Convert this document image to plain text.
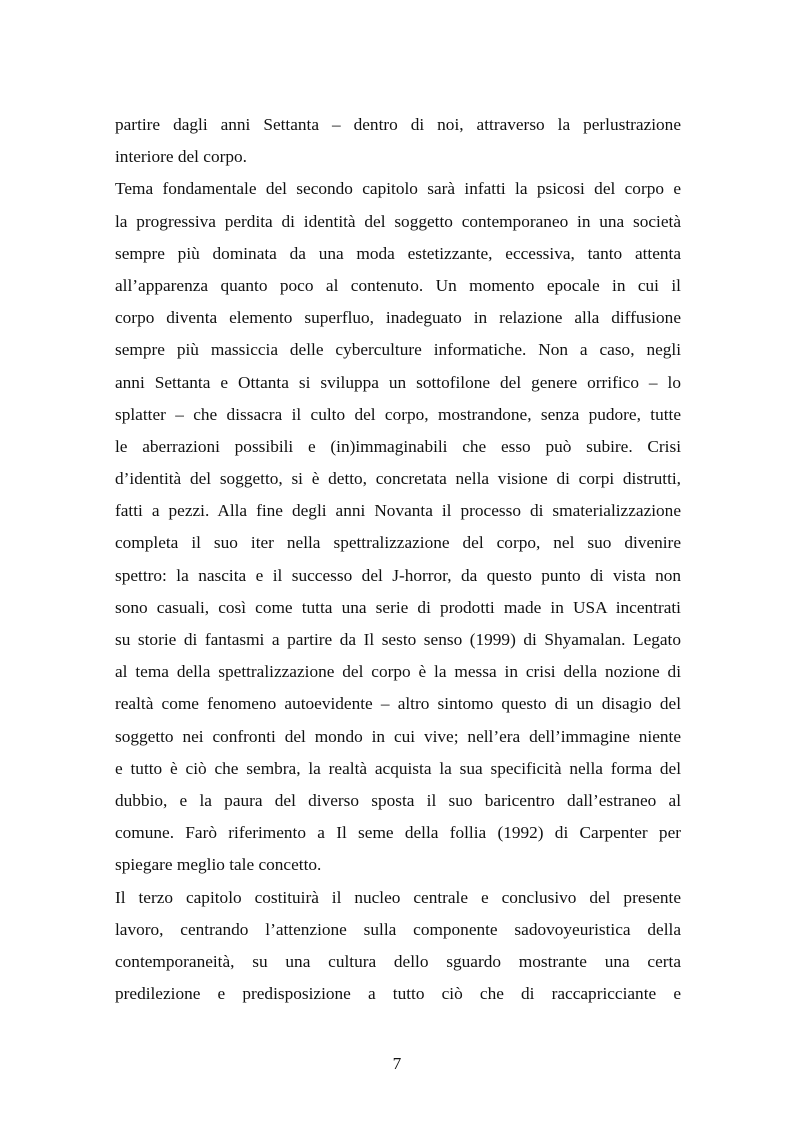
partire dagli anni Settanta – dentro di noi, attraverso la perlustrazione
interiore del corpo.
Tema fondamentale del secondo capitolo sarà infatti la psicosi del corpo e
la progressiva perdita di identità del soggetto contemporaneo in una società
sempre più dominata da una moda estetizzante, eccessiva, tanto attenta
all’apparenza quanto poco al contenuto. Un momento epocale in cui il
corpo diventa elemento superfluo, inadeguato in relazione alla diffusione
sempre più massiccia delle cyberculture informatiche. Non a caso, negli
anni Settanta e Ottanta si sviluppa un sottofilone del genere orrifico – lo
splatter – che dissacra il culto del corpo, mostrandone, senza pudore, tutte
le aberrazioni possibili e (in)immaginabili che esso può subire. Crisi
d’identità del soggetto, si è detto, concretata nella visione di corpi distrutti,
fatti a pezzi. Alla fine degli anni Novanta il processo di smaterializzazione
completa il suo iter nella spettralizzazione del corpo, nel suo divenire
spettro: la nascita e il successo del J-horror, da questo punto di vista non
sono casuali, così come tutta una serie di prodotti made in USA incentrati
su storie di fantasmi a partire da Il sesto senso (1999) di Shyamalan. Legato
al tema della spettralizzazione del corpo è la messa in crisi della nozione di
realtà come fenomeno autoevidente – altro sintomo questo di un disagio del
soggetto nei confronti del mondo in cui vive; nell’era dell’immagine niente
e tutto è ciò che sembra, la realtà acquista la sua specificità nella forma del
dubbio, e la paura del diverso sposta il suo baricentro dall’estraneo al
comune. Farò riferimento a Il seme della follia (1992) di Carpenter per
spiegare meglio tale concetto.
Il terzo capitolo costituirà il nucleo centrale e conclusivo del presente
lavoro, centrando l’attenzione sulla componente sadovoyeuristica della
contemporaneità, su una cultura dello sguardo mostrante una certa
predilezione e predisposizione a tutto ciò che di raccapricciante e
7
